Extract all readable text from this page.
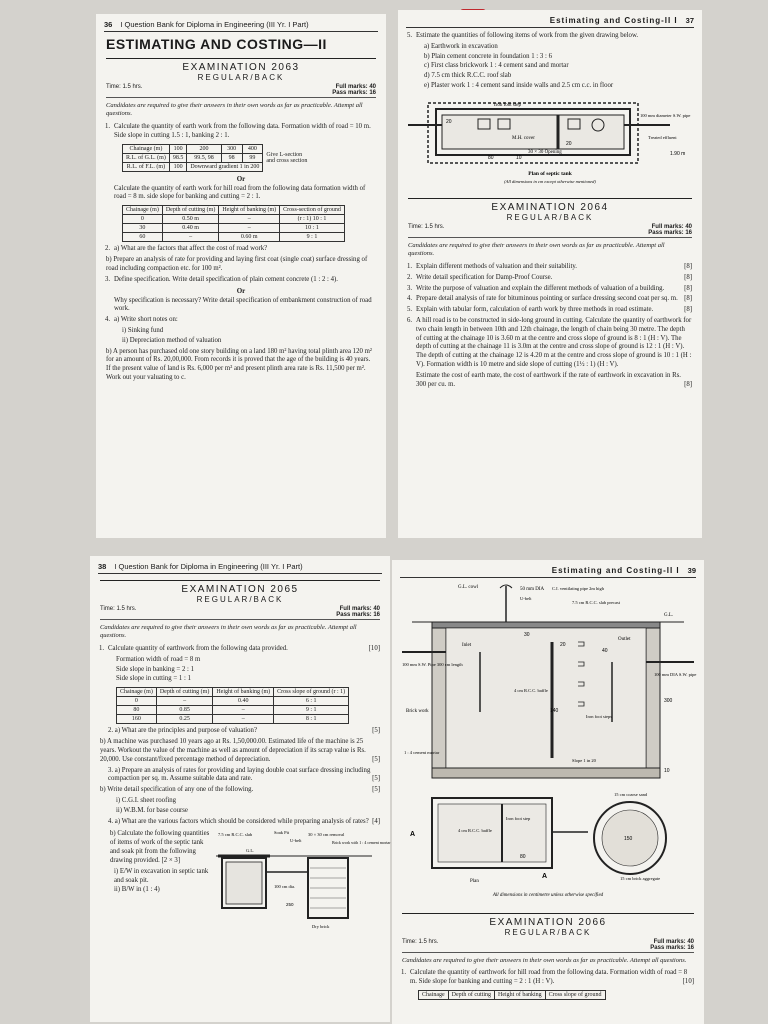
36 I Question Bank for Diploma in Engineering (III Yr. I Part)
ESTIMATING AND COSTING—II
EXAMINATION 2063
REGULAR/BACK
Time: 1.5 hrs.	Full marks: 40
Pass marks: 16
Candidates are required to give their answers in their own words as far as practicable. Attempt all questions.
1. Calculate the quantity of earth work from the following data. Formation width of road = 10 m. Side slope in cutting 1.5 : 1, banking 2 : 1.
Chainage (m)	100	200	300	400	Give L-section and cross section
R.L. of G.L. (m)	98.5	99.5, 98	98	99	
R.L. of F.L. (m)	100	Downward gradient 1 in 200			
Or
Calculate the quantity of earth work for hill road from the following data formation width of road = 8 m. side slope for banking and cutting = 2 : 1.
Chainage (m)	Depth of cutting (m)	Height of banking (m)	Cross-section of ground
0	0.50 m	–	(r : 1) 10 : 1
30	0.40 m	–	10 : 1
60	–	0.60 m	9 : 1
2. a) What are the factors that affect the cost of road work?
b) Prepare an analysis of rate for providing and laying first coat (single coat) surface dressing of road including compaction etc. for 100 m².
3. Define specification. Write detail specification of plain cement concrete (1 : 2 : 4).
Or
Why specification is necessary? Write detail specification of embankment construction of road work.
4. a) Write short notes on:
i) Sinking fund
ii) Depreciation method of valuation
b) A person has purchased old one story building on a land 180 m² having total plinth area 120 m² for an amount of Rs. 20,00,000. From records it is proved that the age of the building is 40 years. If the present value of land is Rs. 6,000 per m² and present plinth area rate is Rs. 11,500 per m². Work out your valuating to c.
Estimating and Costing-II I 37
5. Estimate the quantities of following items of work from the given drawing below.
a) Earthwork in excavation
b) Plain cement concrete in foundation 1 : 3 : 6
c) First class brickwork 1 : 4 cement sand and mortar
d) 7.5 cm thick R.C.C. roof slab
e) Plaster work 1 : 4 cement sand inside walls and 2.5 cm c.c. in floor
Iron foot step
M.H. cover
30 × 30 Opening
100 mm diameter S.W. pipe
Treated effluent
20
20
80	10
1.90 m
Plan of septic tank
(All dimensions in cm except otherwise mentioned)
EXAMINATION 2064
REGULAR/BACK
Time: 1.5 hrs.	Full marks: 40
Pass marks: 16
Candidates are required to give their answers in their own words as far as practicable. Attempt all questions.
1. Explain different methods of valuation and their suitability.	[8]
2. Write detail specification for Damp-Proof Course.	[8]
3. Write the purpose of valuation and explain the different methods of valuation of a building.	[8]
4. Prepare detail analysis of rate for bituminous pointing or surface dressing second coat per sq. m. [8]
5. Explain with tabular form, calculation of earth work by three methods in road estimate.	[8]
6. A hill road is to be constructed in side-long ground in cutting. Calculate the quantity of earthwork for two chain length in between 10th and 12th chainage, the length of chain being 30 metre. The depth of cutting at the chainage 10 is 3.60 m at the centre and cross slope of ground is 8 : 1 (H : V). The depth of cutting at the chainage 11 is 3.0m at the centre and cross slope of ground is 12 : 1 (H : V). The depth of cutting at the chainage 12 is 4.20 m at the centre and cross slope of ground is 10 : 1 (H : V). Formation width is 10 metre and side slope of cutting (1½ : 1) (H : V).
Estimate the cost of earth mate, the cost of earthwork if the rate of earthwork in excavation in Rs. 300 per cu. m.	[8]
38 I Question Bank for Diploma in Engineering (III Yr. I Part)
EXAMINATION 2065
REGULAR/BACK
Time: 1.5 hrs.	Full marks: 40
Pass marks: 16
Candidates are required to give their answers in their own words as far as practicable. Attempt all questions.
1. Calculate quantity of earthwork from the following data provided.	[10]
Formation width of road = 8 m
Side slope in banking = 2 : 1
Side slope in cutting = 1 : 1
Chainage (m)	Depth of cutting (m)	Height of banking (m)	Cross slope of ground (r : 1)
0	–	0.40	6 : 1
80	0.85	–	9 : 1
160	0.25	–	8 : 1
2. a) What are the principles and purpose of valuation?	[5]
b) A machine was purchased 10 years ago at Rs. 1,50,000.00. Estimated life of the machine is 25 years. Workout the value of the machine as well as amount of depreciation if its scrap value is Rs. 20,000. Use constant/fixed percentage method of depreciation.	[5]
3. a) Prepare an analysis of rates for providing and laying double coat surface dressing including compaction per sq. m. Assume suitable data and rate.	[5]
b) Write detail specification of any one of the following.	[5]
i) C.G.I. sheet roofing
ii) W.B.M. for base course
4. a) What are the various factors which should be considered while preparing analysis of rates? [4]
b) Calculate the following quantities of items of work of the septic tank and soak pit from the following drawing provided. [2 × 3]
i) E/W in excavation in septic tank and soak pit.
ii) B/W in (1 : 4)
7.5 cm R.C.C. slab	Soak Pit
U-belt
30 × 30 cm removal
Brick work with 1 : 4 cement mortar
G.L.
100 cm dia.
250
Dry brick
Estimating and Costing-II I 39
G.L. cowl	50 mm DIA C.I. ventilating pipe 2m high
U-belt
7.5 cm R.C.C. slab precast
G.L.
Inlet
Outlet
100 mm S.W. Pipe 300 cm length
100 mm DIA S.W. pipe
Brick work
4 cm R.C.C. baffle
Iron foot steps
1 : 4 cement mortar
Slope 1 in 20
300
140
30
40
10
20
A
A
4 cm R.C.C. baffle
Iron foot step
Plan
80
15 cm coarse sand
15 cm brick aggregate
150
All dimensions in centimetre unless otherwise specified
EXAMINATION 2066
REGULAR/BACK
Time: 1.5 hrs.	Full marks: 40
Pass marks: 16
Candidates are required to give their answers in their own words as far as practicable. Attempt all questions.
1. Calculate the quantity of earthwork for hill road from the following data. Formation width of road = 8 m. Side slope for banking and cutting = 2 : 1 (H : V).	[10]
Chainage	Depth of cutting	Height of banking	Cross slope of ground
